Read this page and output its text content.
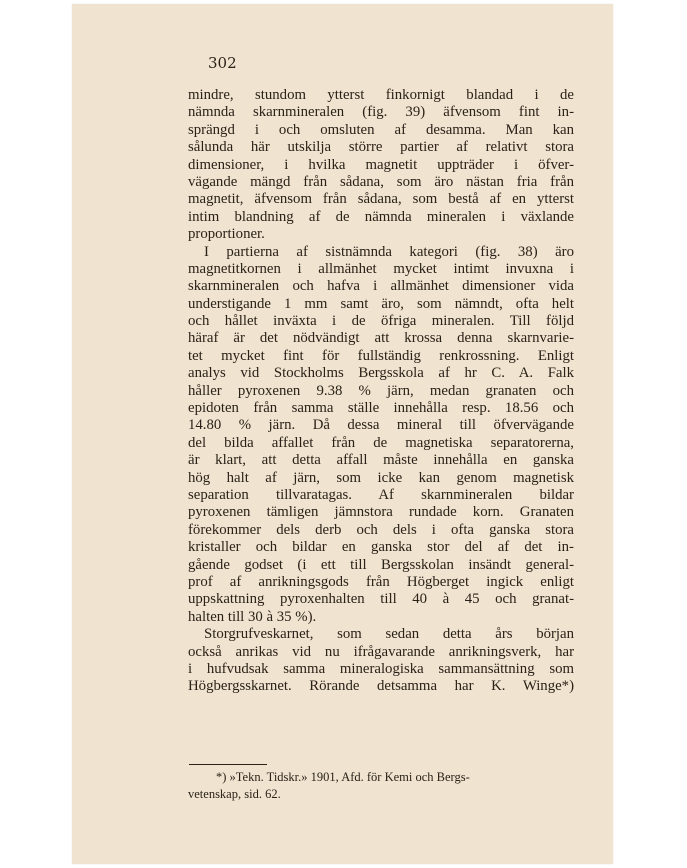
302

mindre, stundom ytterst finkornigt blandad i de
nämnda skarnmineralen (fig. 39) äfvensom fint in-
sprängd i och omsluten af desamma. Man kan
sålunda här utskilja större partier af relativt stora
dimensioner, i hvilka magnetit uppträder i öfver-
vägande mängd från sådana, som äro nästan fria från
magnetit, äfvensom från sådana, som bestå af en ytterst
intim blandning af de nämnda mineralen i växlande
proportioner.
I partierna af sistnämnda kategori (fig. 38) äro
magnetitkornen i allmänhet mycket intimt invuxna i
skarnmineralen och hafva i allmänhet dimensioner vida
understigande 1 mm samt äro, som nämndt, ofta helt
och hållet inväxta i de öfriga mineralen. Till följd
häraf är det nödvändigt att krossa denna skarnvarie-
tet mycket fint för fullständig renkrossning. Enligt
analys vid Stockholms Bergsskola af hr C. A. Falk
håller pyroxenen 9.38 % järn, medan granaten och
epidoten från samma ställe innehålla resp. 18.56 och
14.80 % järn. Då dessa mineral till öfvervägande
del bilda affallet från de magnetiska separatorerna,
är klart, att detta affall måste innehålla en ganska
hög halt af järn, som icke kan genom magnetisk
separation tillvaratagas. Af skarnmineralen bildar
pyroxenen tämligen jämnstora rundade korn. Granaten
förekommer dels derb och dels i ofta ganska stora
kristaller och bildar en ganska stor del af det in-
gående godset (i ett till Bergsskolan insändt general-
prof af anrikningsgods från Högberget ingick enligt
uppskattning pyroxenhalten till 40 à 45 och granat-
halten till 30 à 35 %).
Storgrufveskarnet, som sedan detta års början
också anrikas vid nu ifrågavarande anrikningsverk, har
i hufvudsak samma mineralogiska sammansättning som
Högbergsskarnet. Rörande detsamma har K. Winge*)
*) »Tekn. Tidskr.» 1901, Afd. för Kemi och Bergs-
vetenskap, sid. 62.
